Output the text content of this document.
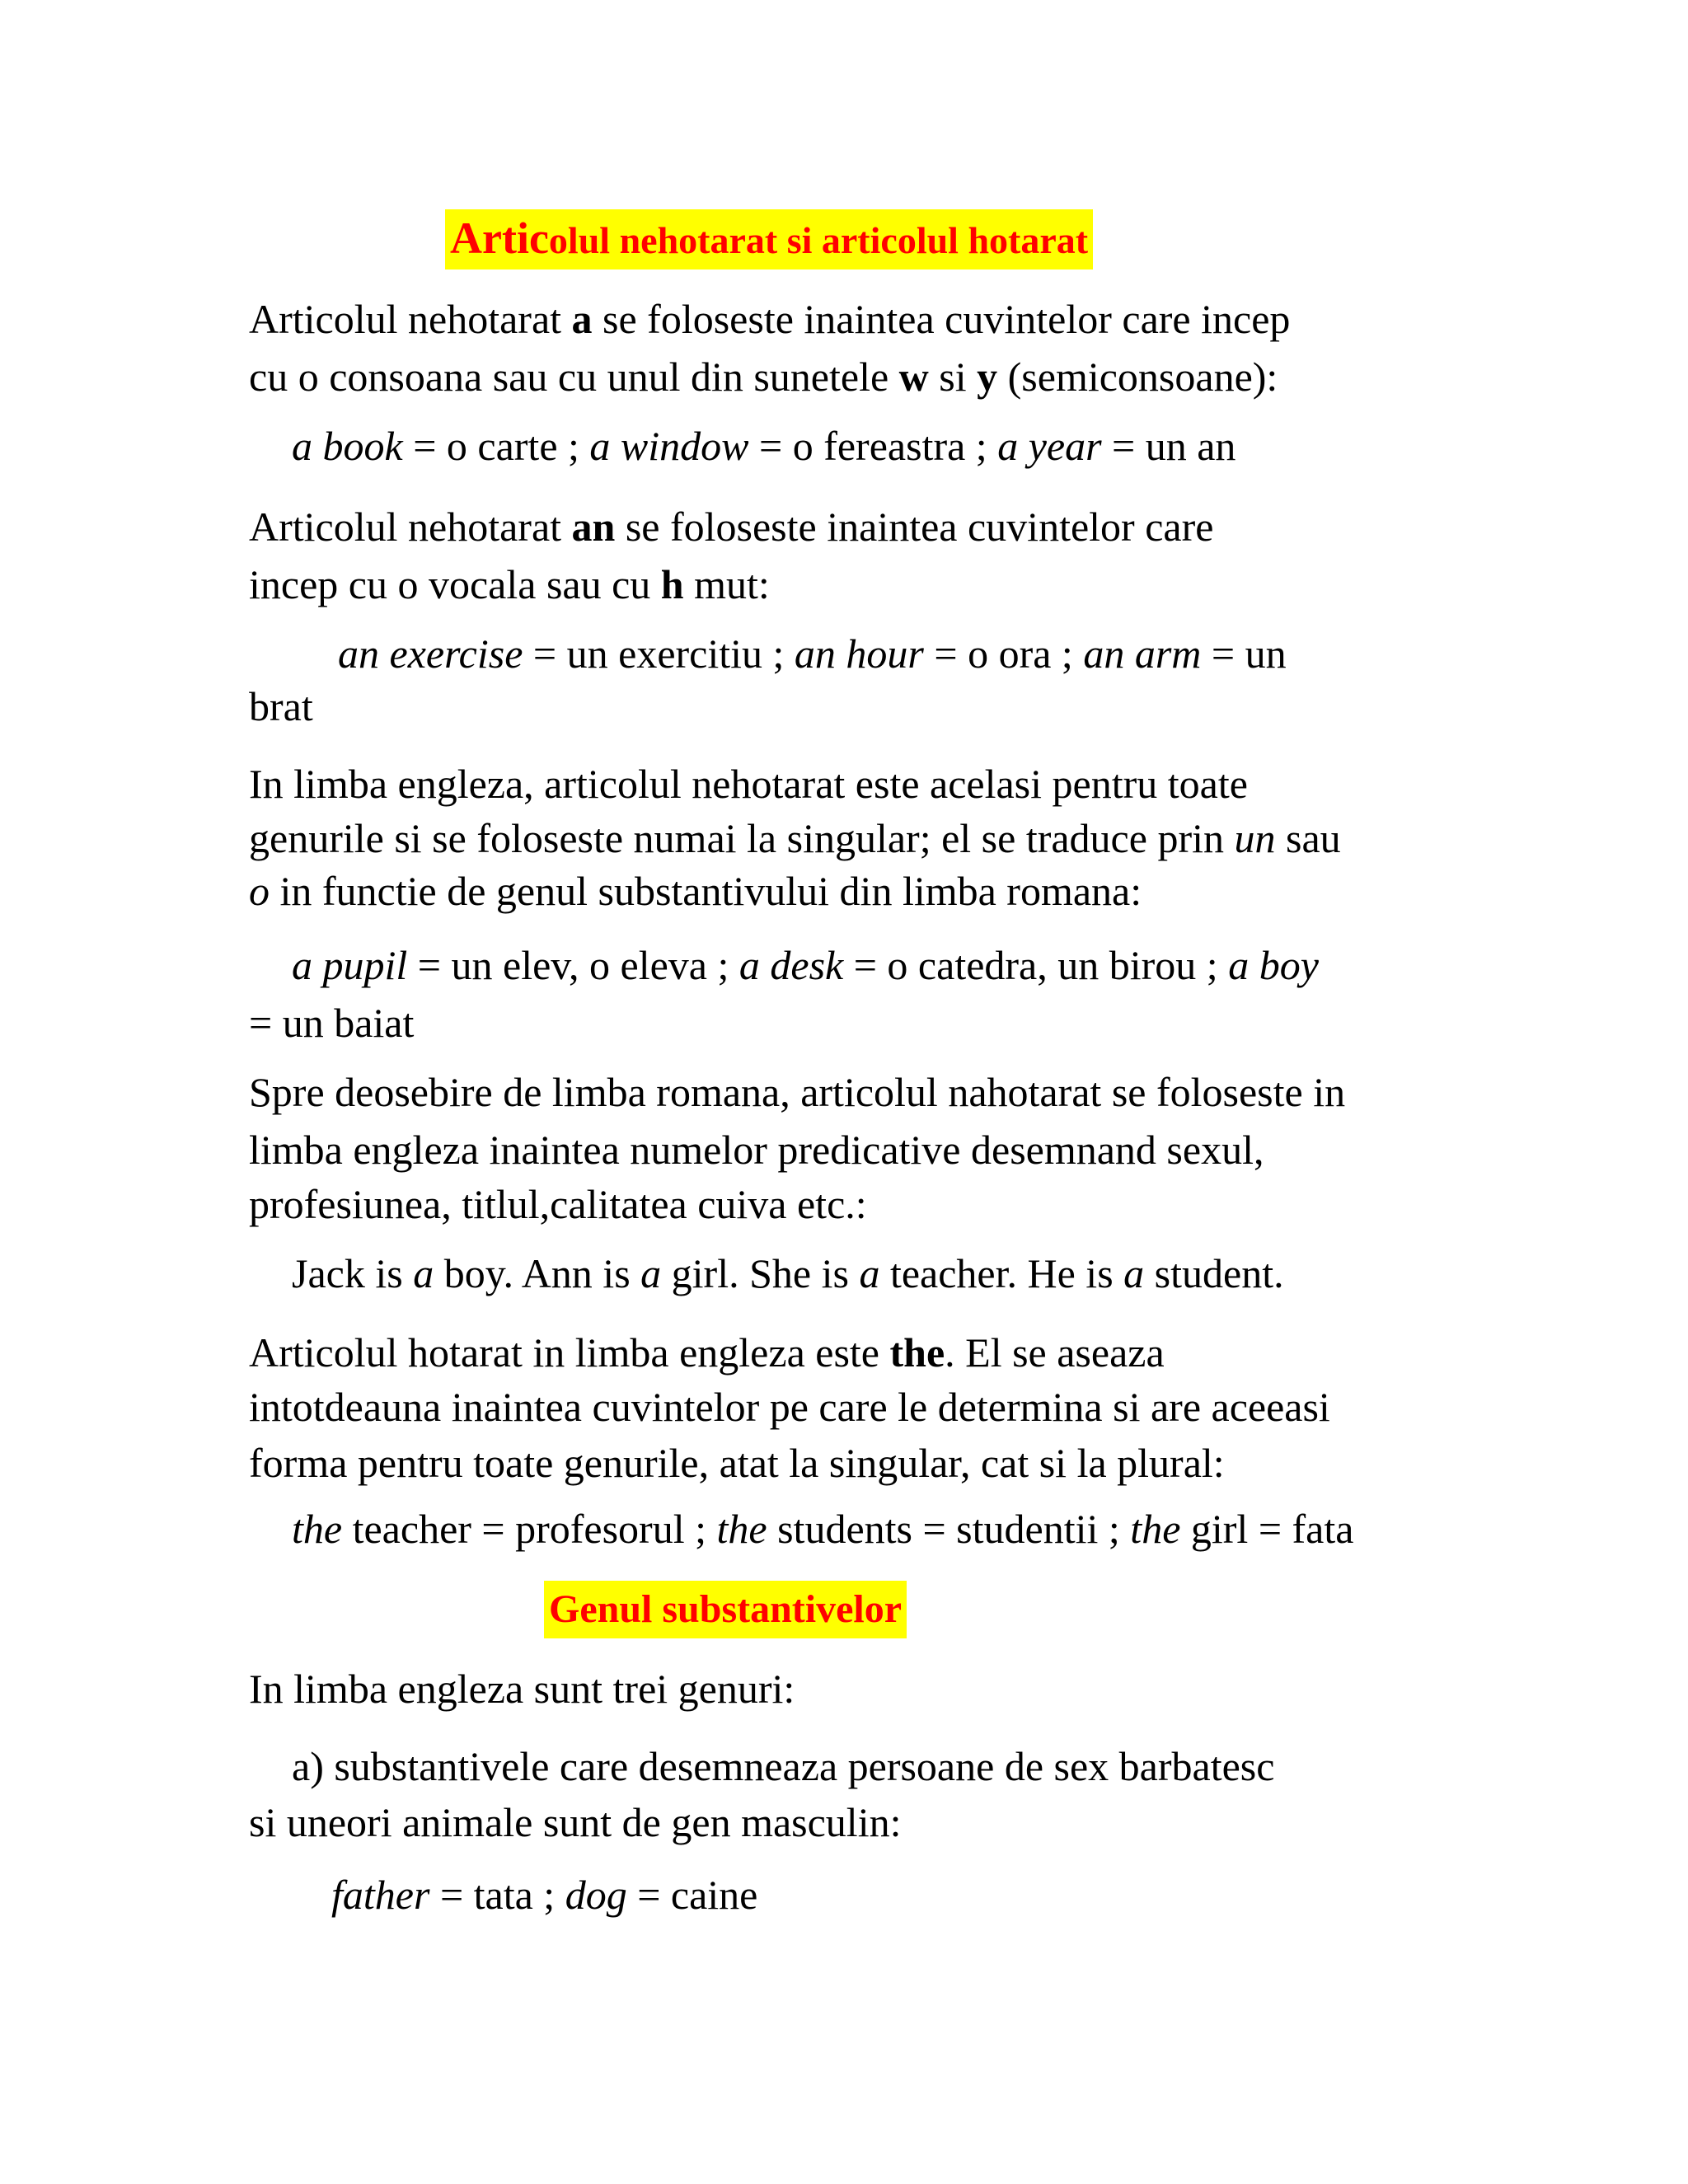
Articolul nehotarat si articolul hotarat
Articolul nehotarat a se foloseste inaintea cuvintelor care incep
cu o consoana sau cu unul din sunetele w si y (semiconsoane):
a book = o carte ; a window = o fereastra ; a year = un an
Articolul nehotarat an se foloseste inaintea cuvintelor care
incep cu o vocala sau cu h mut:
an exercise = un exercitiu ; an hour = o ora ; an arm = un
brat
In limba engleza, articolul nehotarat este acelasi pentru toate
genurile si se foloseste numai la singular; el se traduce prin un sau
o in functie de genul substantivului din limba romana:
a pupil = un elev, o eleva ; a desk = o catedra, un birou ; a boy
= un baiat
Spre deosebire de limba romana, articolul nahotarat se foloseste in
limba engleza inaintea numelor predicative desemnand sexul,
profesiunea, titlul,calitatea cuiva etc.:
Jack is a boy. Ann is a girl. She is a teacher. He is a student.
Articolul hotarat in limba engleza este the. El se aseaza
intotdeauna inaintea cuvintelor pe care le determina si are aceeasi
forma pentru toate genurile, atat la singular, cat si la plural:
the teacher = profesorul ; the students = studentii ; the girl = fata
Genul substantivelor
In limba engleza sunt trei genuri:
a) substantivele care desemneaza persoane de sex barbatesc
si uneori animale sunt de gen masculin:
father = tata ; dog = caine
